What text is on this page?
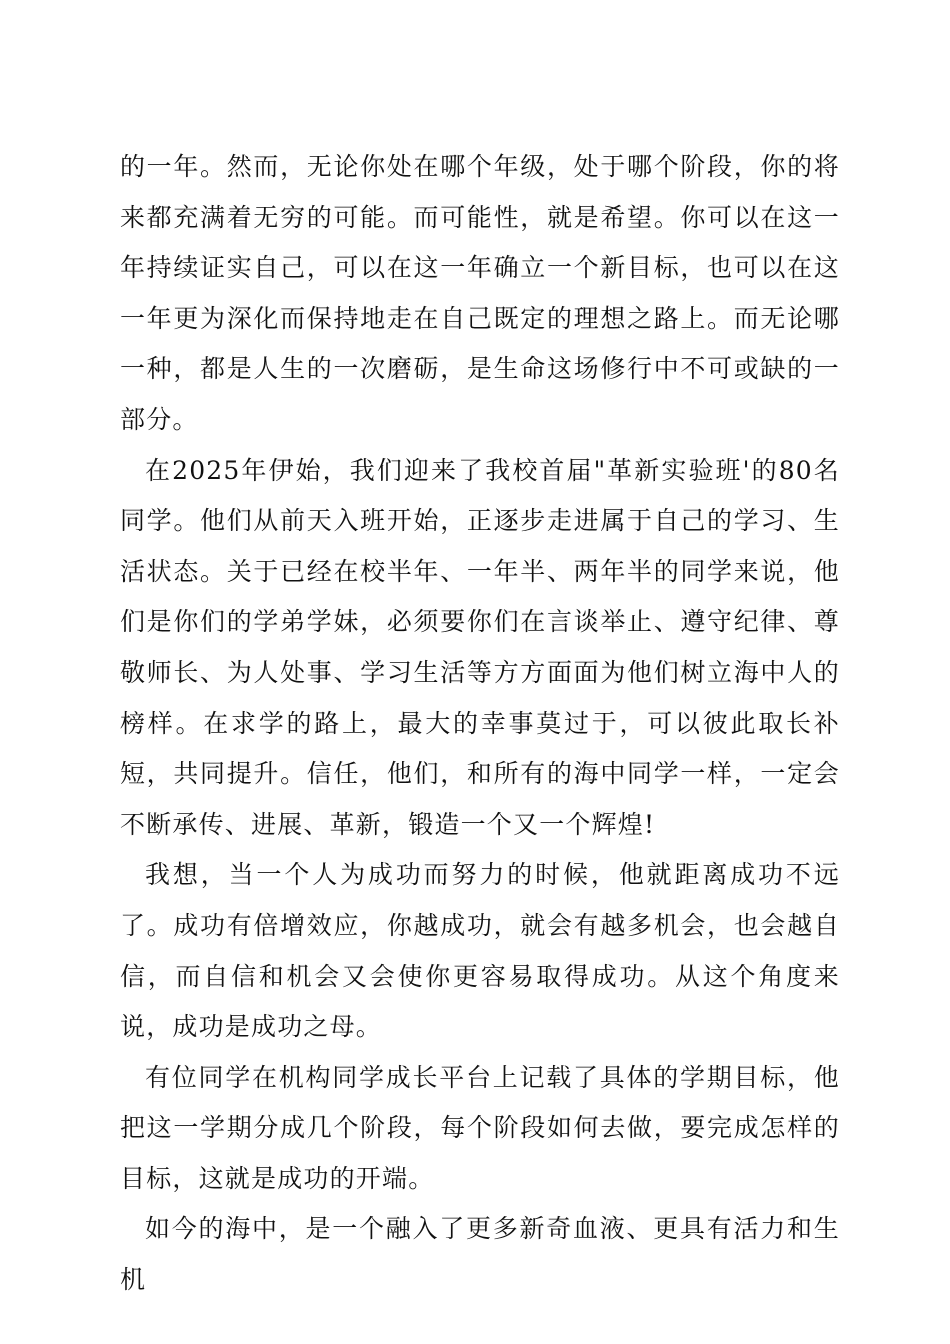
的一年。然而，无论你处在哪个年级，处于哪个阶段，你的将来都充满着无穷的可能。而可能性，就是希望。你可以在这一年持续证实自己，可以在这一年确立一个新目标，也可以在这一年更为深化而保持地走在自己既定的理想之路上。而无论哪一种，都是人生的一次磨砺，是生命这场修行中不可或缺的一部分。

在2025年伊始，我们迎来了我校首届"革新实验班'的80名同学。他们从前天入班开始，正逐步走进属于自己的学习、生活状态。关于已经在校半年、一年半、两年半的同学来说，他们是你们的学弟学妹，必须要你们在言谈举止、遵守纪律、尊敬师长、为人处事、学习生活等方方面面为他们树立海中人的榜样。在求学的路上，最大的幸事莫过于，可以彼此取长补短，共同提升。信任，他们，和所有的海中同学一样，一定会不断承传、进展、革新，锻造一个又一个辉煌!

我想，当一个人为成功而努力的时候，他就距离成功不远了。成功有倍增效应，你越成功，就会有越多机会，也会越自信，而自信和机会又会使你更容易取得成功。从这个角度来说，成功是成功之母。

有位同学在机构同学成长平台上记载了具体的学期目标，他把这一学期分成几个阶段，每个阶段如何去做，要完成怎样的目标，这就是成功的开端。

如今的海中，是一个融入了更多新奇血液、更具有活力和生机
